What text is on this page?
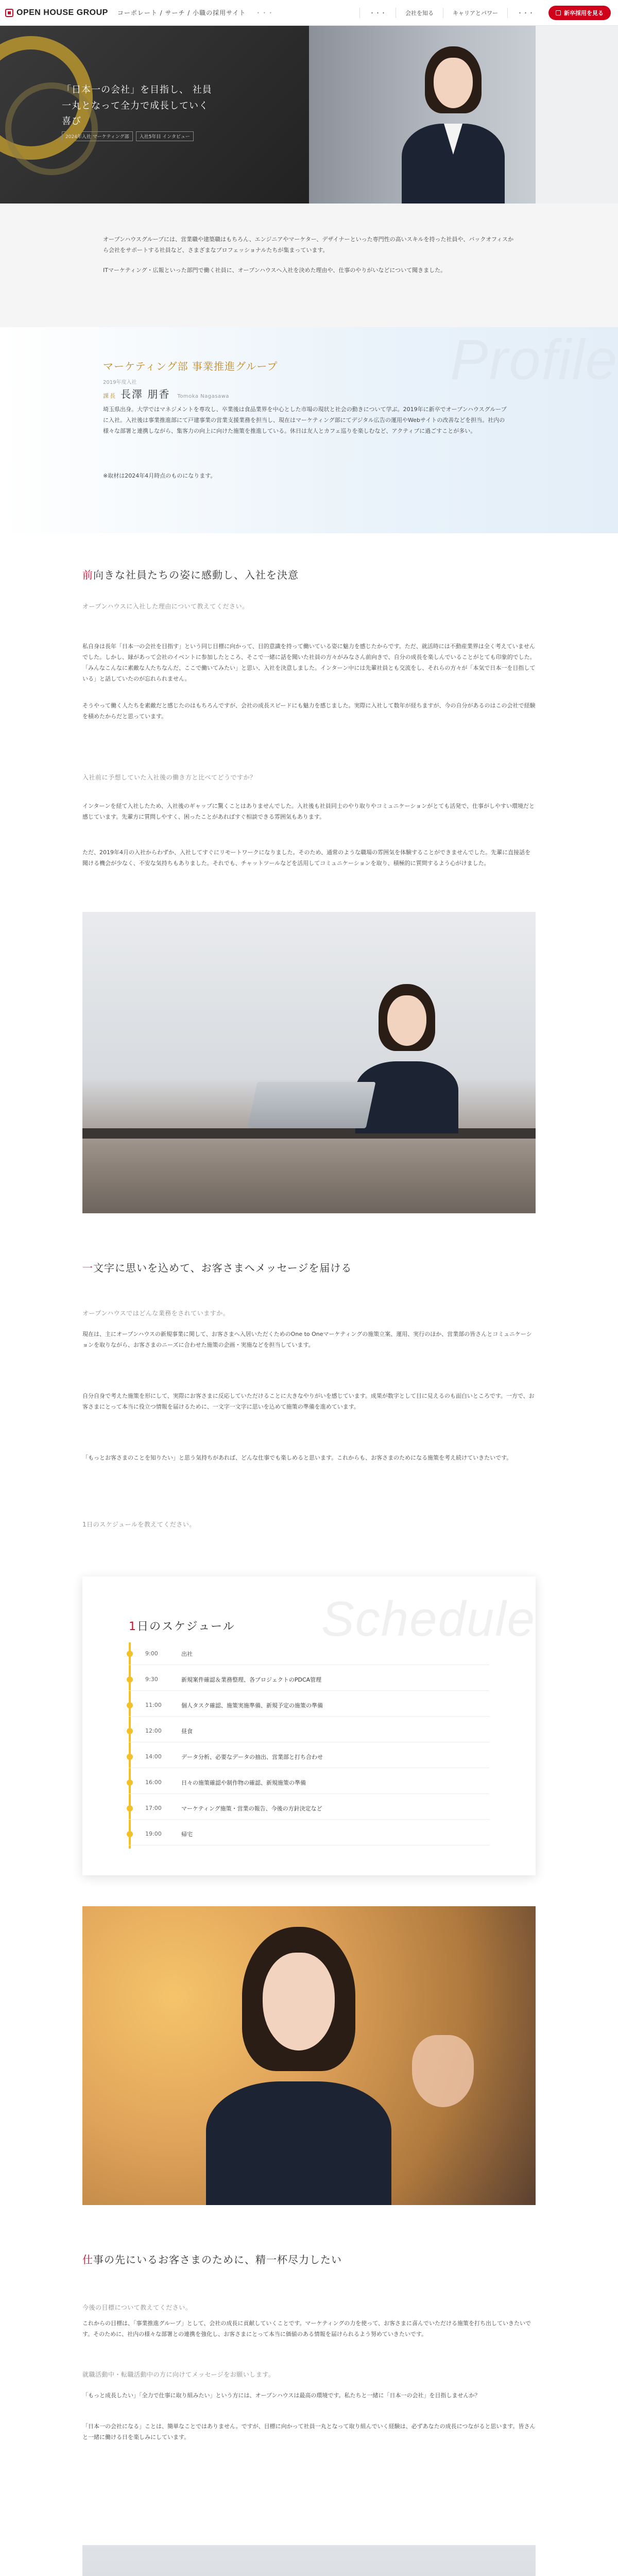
OPEN HOUSE GROUP コーポレート / サーチ / 小職の採用サイト ・・・	・・・	会社を知る	キャリアとパワー	・・・	新卒採用を見る
「日本一の会社」を目指し、 社員一丸となって全力で成長していく喜び
2024年入社 マーケティング部	入社5年目 インタビュー

オープンハウスグループには、営業職や建築職はもちろん、エンジニアやマーケター、デザイナーといった専門性の高いスキルを持った社員や、バックオフィスから会社をサポートする社員など、さまざまなプロフェッショナルたちが集まっています。

ITマーケティング・広報といった部門で働く社員に、オープンハウスへ入社を決めた理由や、仕事のやりがいなどについて聞きました。

Profile
マーケティング部 事業推進グループ
2019年度入社
課長 長澤 朋香 Tomoka Nagasawa
埼玉県出身。大学ではマネジメントを専攻し、卒業後は食品業界を中心とした市場の現状と社会の動きについて学ぶ。2019年に新卒でオープンハウスグループに入社。入社後は事業推進部にて戸建事業の営業支援業務を担当し、現在はマーケティング部にてデジタル広告の運用やWebサイトの改善などを担当。社内の様々な部署と連携しながら、集客力の向上に向けた施策を推進している。休日は友人とカフェ巡りを楽しむなど、アクティブに過ごすことが多い。
※取材は2024年4月時点のものになります。
前向きな社員たちの姿に感動し、入社を決意
オープンハウスに入社した理由について教えてください。
私自身は長年「日本一の会社を目指す」という同じ目標に向かって、目的意識を持って働いている姿に魅力を感じたからです。ただ、就活時には不動産業界は全く考えていませんでした。しかし、縁があって会社のイベントに参加したところ、そこで一緒に話を聞いた社員の方々がみなさん前向きで、自分の成長を楽しんでいることがとても印象的でした。「みんなこんなに素敵な人たちなんだ、ここで働いてみたい」と思い、入社を決意しました。インターン中には先輩社員とも交流をし、それらの方々が「本気で日本一を目指している」と話していたのが忘れられません。
そうやって働く人たちを素敵だと感じたのはもちろんですが、会社の成長スピードにも魅力を感じました。実際に入社して数年が経ちますが、今の自分があるのはこの会社で経験を積めたからだと思っています。
入社前に予想していた入社後の働き方と比べてどうですか？
インターンを経て入社したため、入社後のギャップに驚くことはありませんでした。入社後も社員同士のやり取りやコミュニケーションがとても活発で、仕事がしやすい環境だと感じています。先輩方に質問しやすく、困ったことがあればすぐ相談できる雰囲気もあります。
ただ、2019年4月の入社からわずか、入社してすぐにリモートワークになりました。そのため、通常のような職場の雰囲気を体験することができませんでした。先輩に直接話を聞ける機会が少なく、不安な気持ちもありました。それでも、チャットツールなどを活用してコミュニケーションを取り、積極的に質問するよう心がけました。
一文字に思いを込めて、お客さまへメッセージを届ける
オープンハウスではどんな業務をされていますか。
現在は、主にオープンハウスの新規事業に関して、お客さまへ入居いただくためのOne to Oneマーケティングの施策立案、運用、実行のほか、営業部の皆さんとコミュニケーションを取りながら、お客さまのニーズに合わせた施策の企画・実施などを担当しています。
自分自身で考えた施策を形にして、実際にお客さまに反応していただけることに大きなやりがいを感じています。成果が数字として目に見えるのも面白いところです。一方で、お客さまにとって本当に役立つ情報を届けるために、一文字一文字に思いを込めて施策の準備を進めています。
「もっとお客さまのことを知りたい」と思う気持ちがあれば、どんな仕事でも楽しめると思います。これからも、お客さまのためになる施策を考え続けていきたいです。
1日のスケジュールを教えてください。
Schedule
1日のスケジュール
9:00	出社
9:30	新規案件確認＆業務整理、各プロジェクトのPDCA管理
11:00	個人タスク確認、施策実施準備、新規予定の施策の準備
12:00	昼食
14:00	データ分析、必要なデータの抽出、営業部と打ち合わせ
16:00	日々の施策確認や制作物の確認、新規施策の準備
17:00	マーケティング施策・営業の報告、今後の方針決定など
19:00	帰宅
仕事の先にいるお客さまのために、精一杯尽力したい
今後の目標について教えてください。
これからの目標は、「事業推進グループ」として、会社の成長に貢献していくことです。マーケティングの力を使って、お客さまに喜んでいただける施策を打ち出していきたいです。そのために、社内の様々な部署との連携を強化し、お客さまにとって本当に価値のある情報を届けられるよう努めていきたいです。
就職活動中・転職活動中の方に向けてメッセージをお願いします。
「もっと成長したい」「全力で仕事に取り組みたい」という方には、オープンハウスは最高の環境です。私たちと一緒に「日本一の会社」を目指しませんか？
「日本一の会社になる」ことは、簡単なことではありません。ですが、目標に向かって社員一丸となって取り組んでいく経験は、必ずあなたの成長につながると思います。皆さんと一緒に働ける日を楽しみにしています。
